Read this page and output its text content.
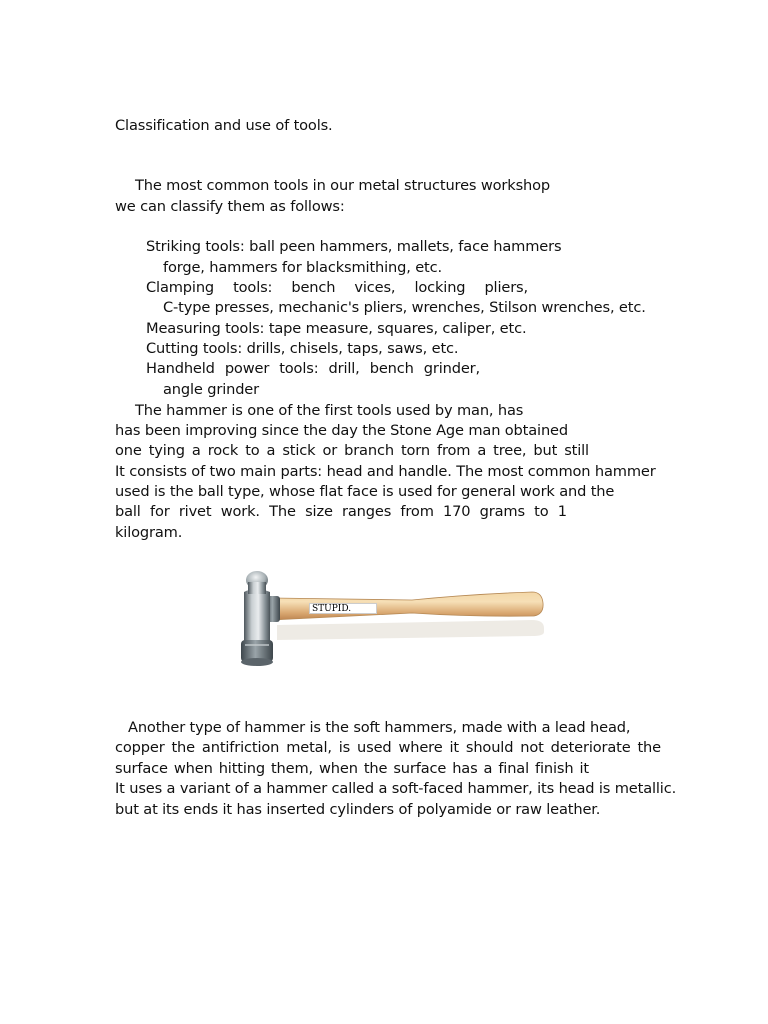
Classification and use of tools.
The most common tools in our metal structures workshop
we can classify them as follows:
Striking tools: ball peen hammers, mallets, face hammers
forge, hammers for blacksmithing, etc.
Clamping tools: bench vices, locking pliers,
C-type presses, mechanic's pliers, wrenches, Stilson wrenches, etc.
Measuring tools: tape measure, squares, caliper, etc.
Cutting tools: drills, chisels, taps, saws, etc.
Handheld power tools: drill, bench grinder,
angle grinder
The hammer is one of the first tools used by man, has
has been improving since the day the Stone Age man obtained
one tying a rock to a stick or branch torn from a tree, but still
It consists of two main parts: head and handle. The most common hammer
used is the ball type, whose flat face is used for general work and the
ball for rivet work. The size ranges from 170 grams to 1
kilogram.
Another type of hammer is the soft hammers, made with a lead head,
copper the antifriction metal, is used where it should not deteriorate the
surface when hitting them, when the surface has a final finish it
It uses a variant of a hammer called a soft-faced hammer, its head is metallic.
but at its ends it has inserted cylinders of polyamide or raw leather.
STUPID.
